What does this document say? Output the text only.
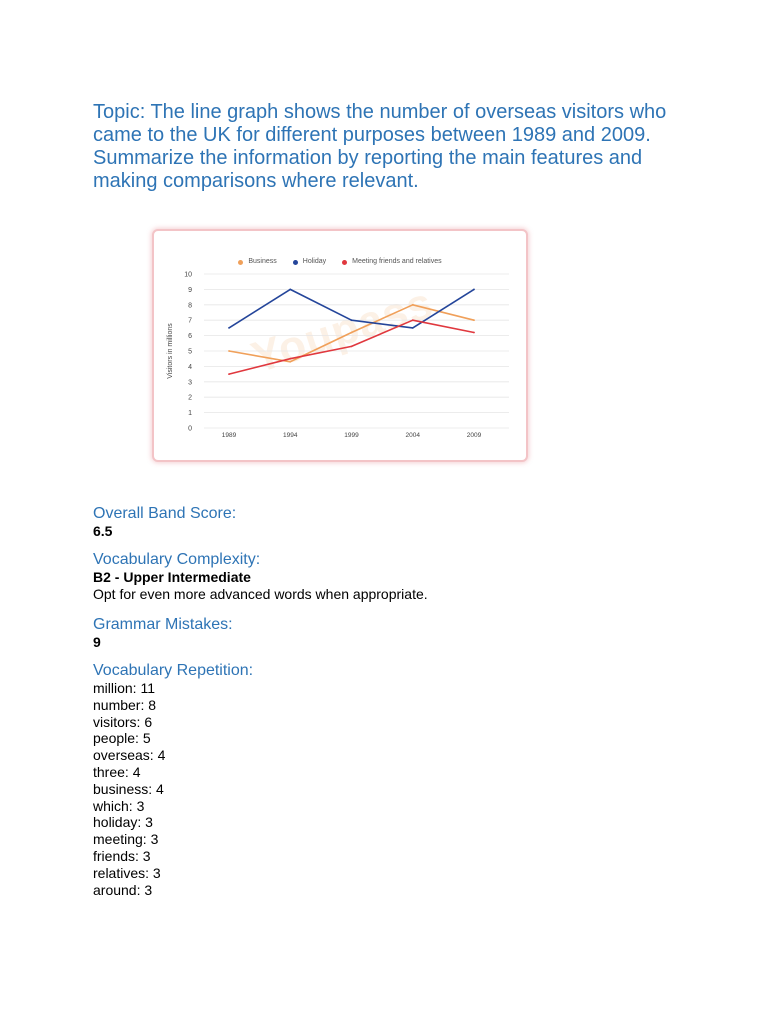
Topic: The line graph shows the number of overseas visitors who came to the UK for different purposes between 1989 and 2009. Summarize the information by reporting the main features and making comparisons where relevant.
Youpass
Business	Holiday	Meeting friends and relatives
0
1
2
3
4
5
6
7
8
9
10
1989	1994	1999	2004	2009
Visitors in millions
Overall Band Score:

6.5

Vocabulary Complexity:

B2 - Upper Intermediate

Opt for even more advanced words when appropriate.

Grammar Mistakes:

9

Vocabulary Repetition:
million: 11
number: 8
visitors: 6
people: 5
overseas: 4
three: 4
business: 4
which: 3
holiday: 3
meeting: 3
friends: 3
relatives: 3
around: 3
